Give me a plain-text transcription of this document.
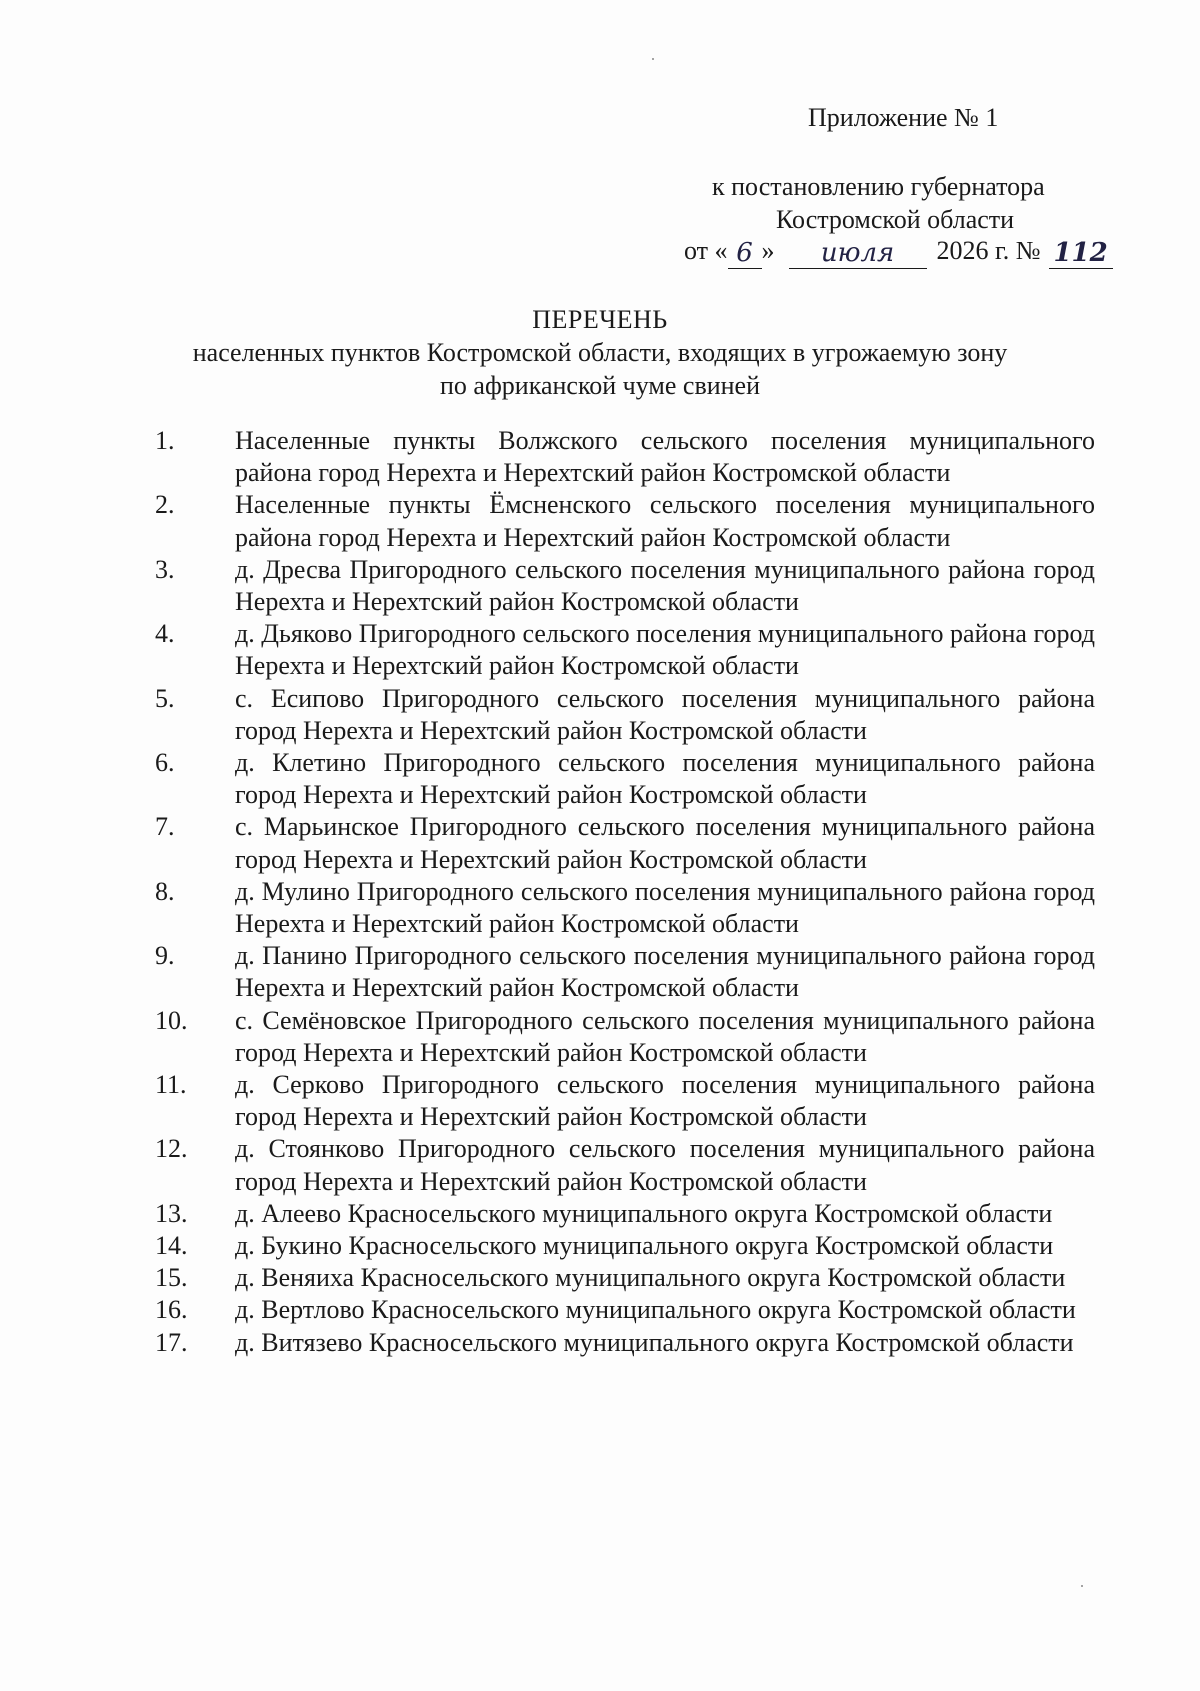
Приложение № 1
к постановлению губернатора
Костромской области
от « 6 »	июля	2026 г. № 112
ПЕРЕЧЕНЬ
населенных пунктов Костромской области, входящих в угрожаемую зону
по африканской чуме свиней
1.	Населенные пункты Волжского сельского поселения муниципального района город Нерехта и Нерехтский район Костромской области
2.	Населенные пункты Ёмсненского сельского поселения муниципального района город Нерехта и Нерехтский район Костромской области
3.	д. Дресва Пригородного сельского поселения муниципального района город Нерехта и Нерехтский район Костромской области
4.	д. Дьяково Пригородного сельского поселения муниципального района город Нерехта и Нерехтский район Костромской области
5.	с. Есипово Пригородного сельского поселения муниципального района город Нерехта и Нерехтский район Костромской области
6.	д. Клетино Пригородного сельского поселения муниципального района город Нерехта и Нерехтский район Костромской области
7.	с. Марьинское Пригородного сельского поселения муниципального района город Нерехта и Нерехтский район Костромской области
8.	д. Мулино Пригородного сельского поселения муниципального района город Нерехта и Нерехтский район Костромской области
9.	д. Панино Пригородного сельского поселения муниципального района город Нерехта и Нерехтский район Костромской области
10.	с. Семёновское Пригородного сельского поселения муниципального района город Нерехта и Нерехтский район Костромской области
11.	д. Серково Пригородного сельского поселения муниципального района город Нерехта и Нерехтский район Костромской области
12.	д. Стоянково Пригородного сельского поселения муниципального района город Нерехта и Нерехтский район Костромской области
13.	д. Алеево Красносельского муниципального округа Костромской области
14.	д. Букино Красносельского муниципального округа Костромской области
15.	д. Веняиха Красносельского муниципального округа Костромской области
16.	д. Вертлово Красносельского муниципального округа Костромской области
17.	д. Витязево Красносельского муниципального округа Костромской области
